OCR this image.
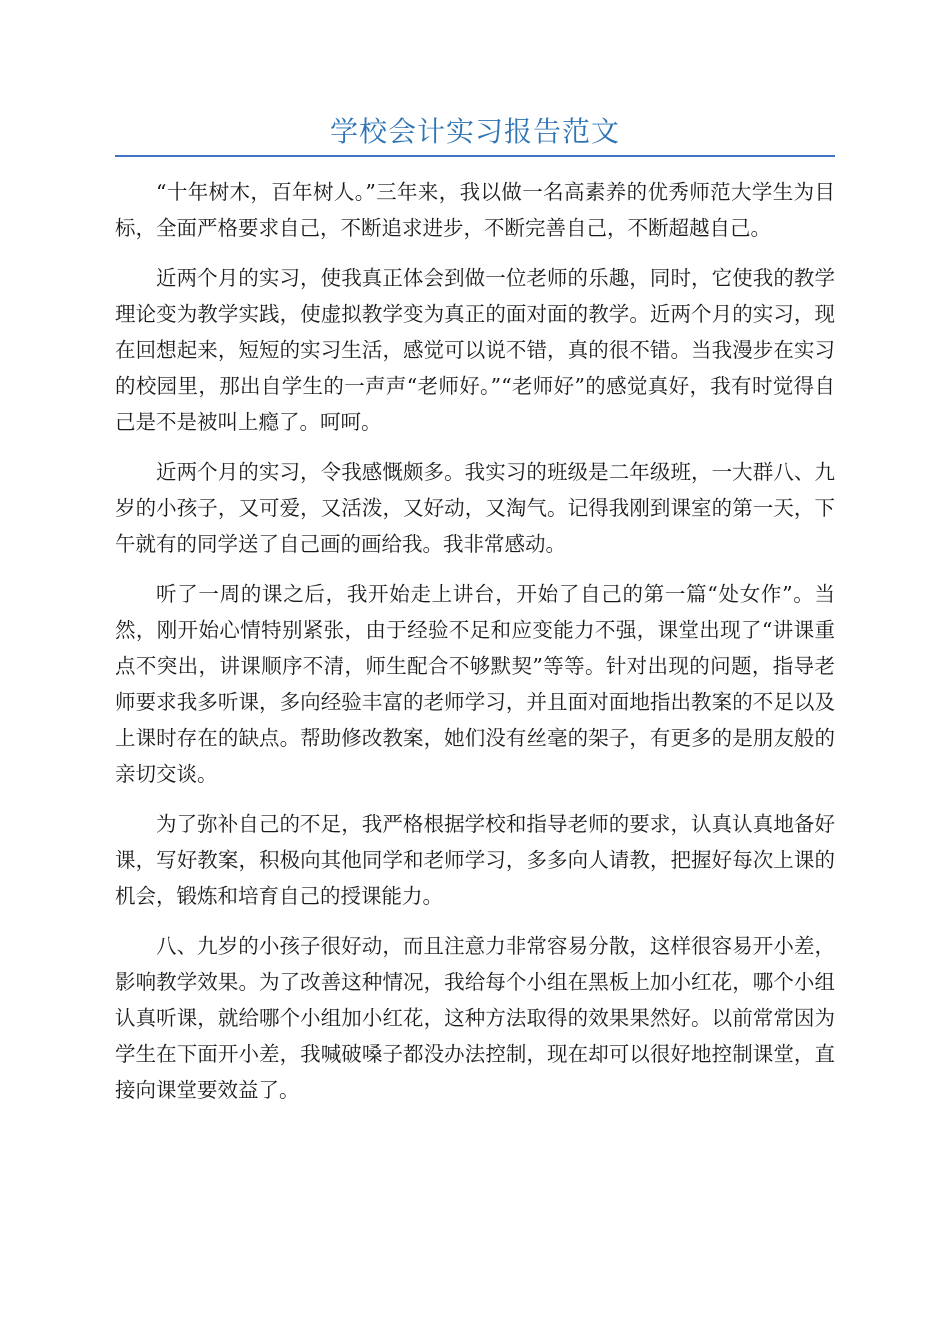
学校会计实习报告范文

“十年树木，百年树人。”三年来，我以做一名高素养的优秀师范大学生为目标，全面严格要求自己，不断追求进步，不断完善自己，不断超越自己。

近两个月的实习，使我真正体会到做一位老师的乐趣，同时，它使我的教学理论变为教学实践，使虚拟教学变为真正的面对面的教学。近两个月的实习，现在回想起来，短短的实习生活，感觉可以说不错，真的很不错。当我漫步在实习的校园里，那出自学生的一声声“老师好。”“老师好”的感觉真好，我有时觉得自己是不是被叫上瘾了。呵呵。

近两个月的实习，令我感慨颇多。我实习的班级是二年级班，一大群八、九岁的小孩子，又可爱，又活泼，又好动，又淘气。记得我刚到课室的第一天，下午就有的同学送了自己画的画给我。我非常感动。

听了一周的课之后，我开始走上讲台，开始了自己的第一篇“处女作”。当然，刚开始心情特别紧张，由于经验不足和应变能力不强，课堂出现了“讲课重点不突出，讲课顺序不清，师生配合不够默契”等等。针对出现的问题，指导老师要求我多听课，多向经验丰富的老师学习，并且面对面地指出教案的不足以及上课时存在的缺点。帮助修改教案，她们没有丝毫的架子，有更多的是朋友般的亲切交谈。

为了弥补自己的不足，我严格根据学校和指导老师的要求，认真认真地备好课，写好教案，积极向其他同学和老师学习，多多向人请教，把握好每次上课的机会，锻炼和培育自己的授课能力。

八、九岁的小孩子很好动，而且注意力非常容易分散，这样很容易开小差，影响教学效果。为了改善这种情况，我给每个小组在黑板上加小红花，哪个小组认真听课，就给哪个小组加小红花，这种方法取得的效果果然好。以前常常因为学生在下面开小差，我喊破嗓子都没办法控制，现在却可以很好地控制课堂，直接向课堂要效益了。
